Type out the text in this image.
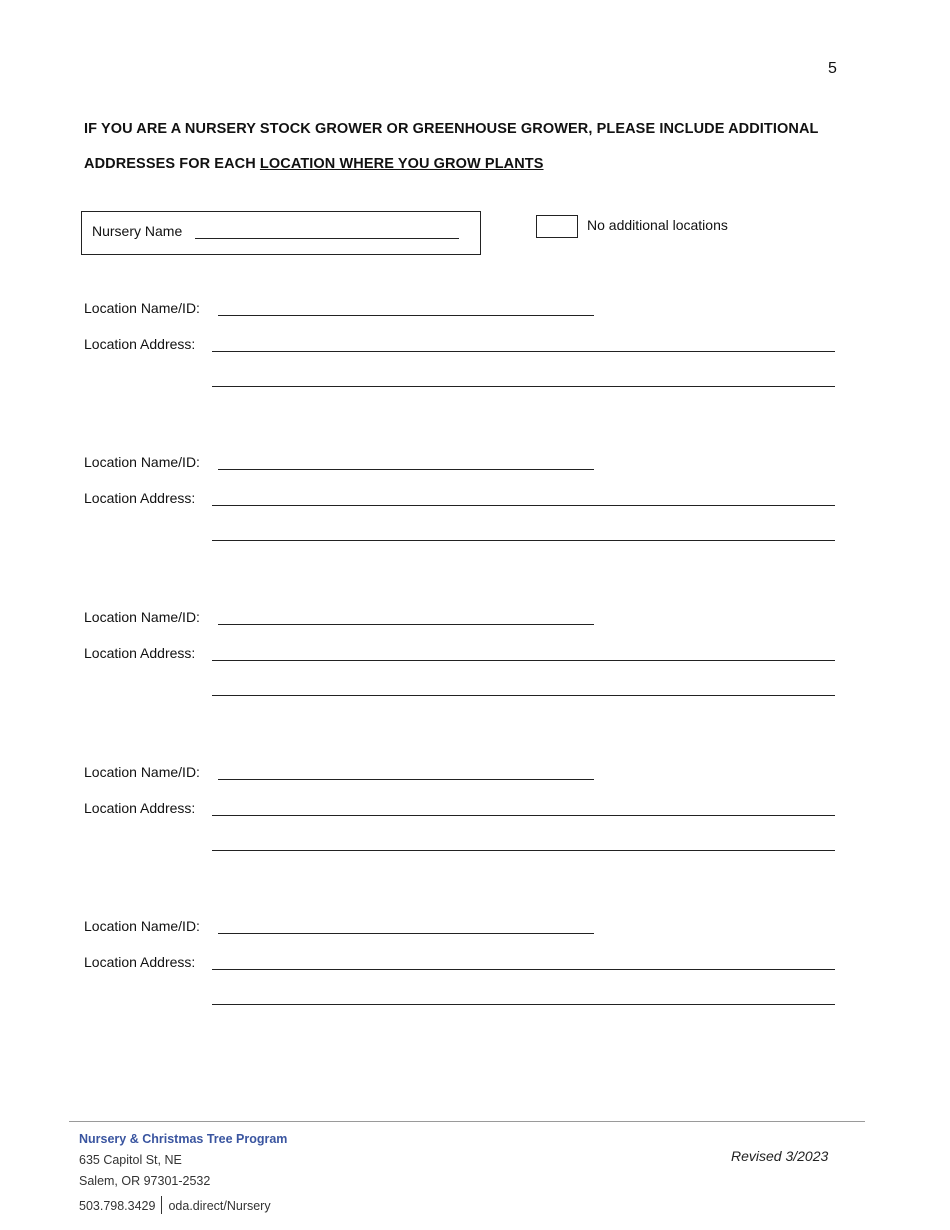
5
IF YOU ARE A NURSERY STOCK GROWER OR GREENHOUSE GROWER, PLEASE INCLUDE ADDITIONAL
ADDRESSES FOR EACH LOCATION WHERE YOU GROW PLANTS
Nursery Name	No additional locations
Location Name/ID:
Location Address:
Location Name/ID:
Location Address:
Location Name/ID:
Location Address:
Location Name/ID:
Location Address:
Location Name/ID:
Location Address:
Nursery & Christmas Tree Program
635 Capitol St, NE
Salem, OR 97301-2532
503.798.3429 oda.direct/Nursery
Revised 3/2023
